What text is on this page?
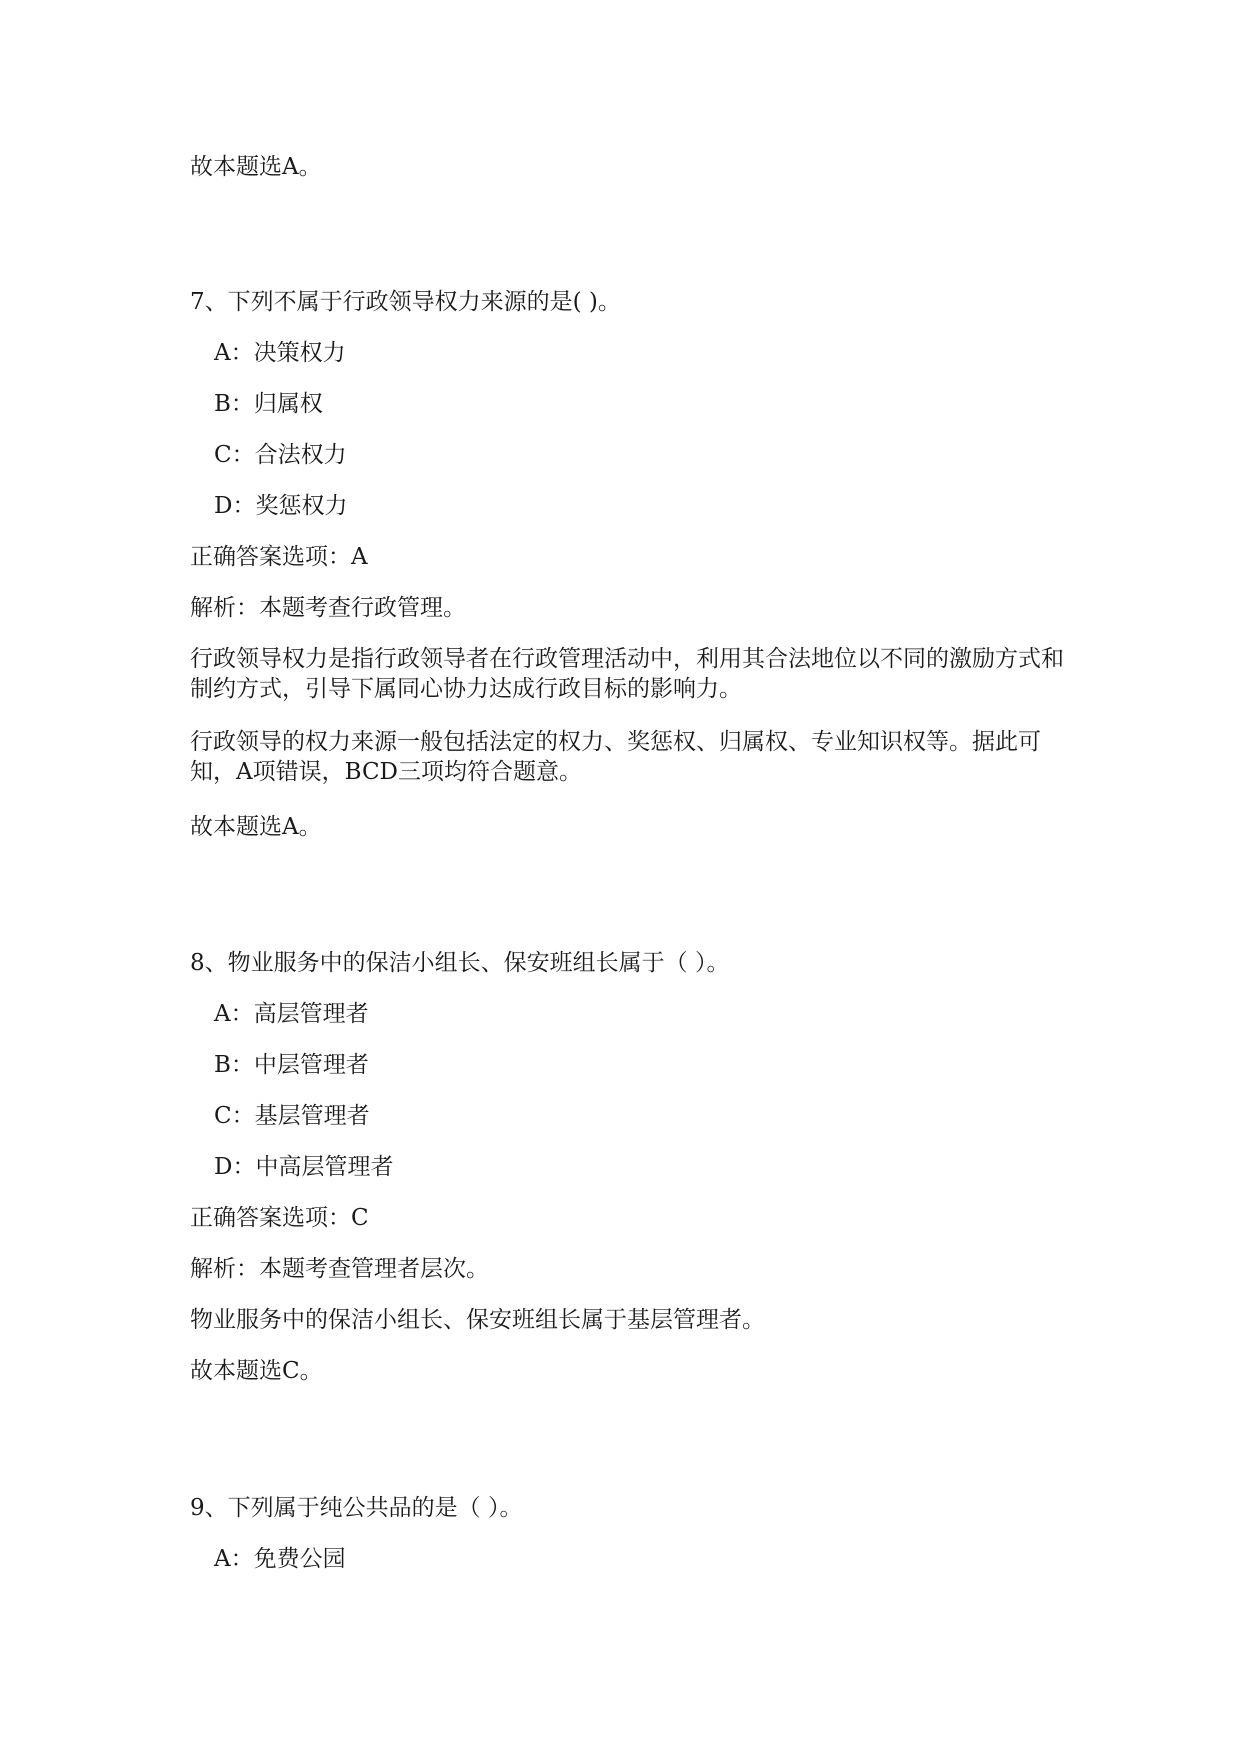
故本题选A。
7、下列不属于行政领导权力来源的是( )。
A：决策权力
B：归属权
C：合法权力
D：奖惩权力
正确答案选项：A
解析：本题考查行政管理。
行政领导权力是指行政领导者在行政管理活动中，利用其合法地位以不同的激励方式和制约方式，引导下属同心协力达成行政目标的影响力。
行政领导的权力来源一般包括法定的权力、奖惩权、归属权、专业知识权等。据此可知，A项错误，BCD三项均符合题意。
故本题选A。
8、物业服务中的保洁小组长、保安班组长属于（ ）。
A：高层管理者
B：中层管理者
C：基层管理者
D：中高层管理者
正确答案选项：C
解析：本题考查管理者层次。
物业服务中的保洁小组长、保安班组长属于基层管理者。
故本题选C。
9、下列属于纯公共品的是（ ）。
A：免费公园
